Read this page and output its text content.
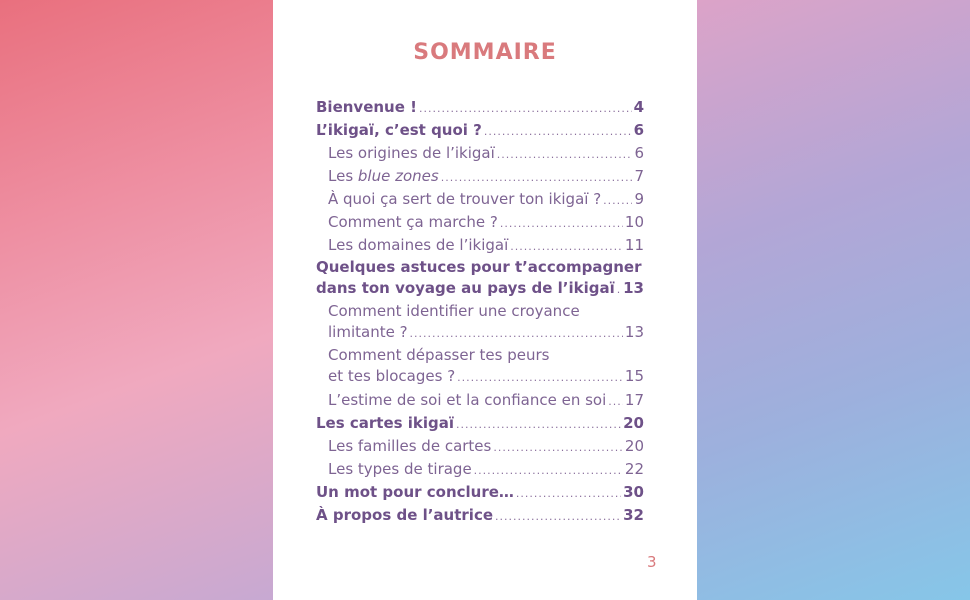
SOMMAIRE
Bienvenue ! .....	4
L’ikigaï, c’est quoi ? .....	6
Les origines de l’ikigaï .....	6
Les blue zones .....	7
À quoi ça sert de trouver ton ikigaï ? ..... 9
Comment ça marche ? .....	10
Les domaines de l’ikigaï .....	11
Quelques astuces pour t’accompagner
dans ton voyage au pays de l’ikigaï ..... 13
Comment identifier une croyance
limitante ? .....	13
Comment dépasser tes peurs
et tes blocages ? .....	15
L’estime de soi et la confiance en soi ..... 17
Les cartes ikigaï .....	20
Les familles de cartes .....	20
Les types de tirage .....	22
Un mot pour conclure… .....	30
À propos de l’autrice .....	32
3
